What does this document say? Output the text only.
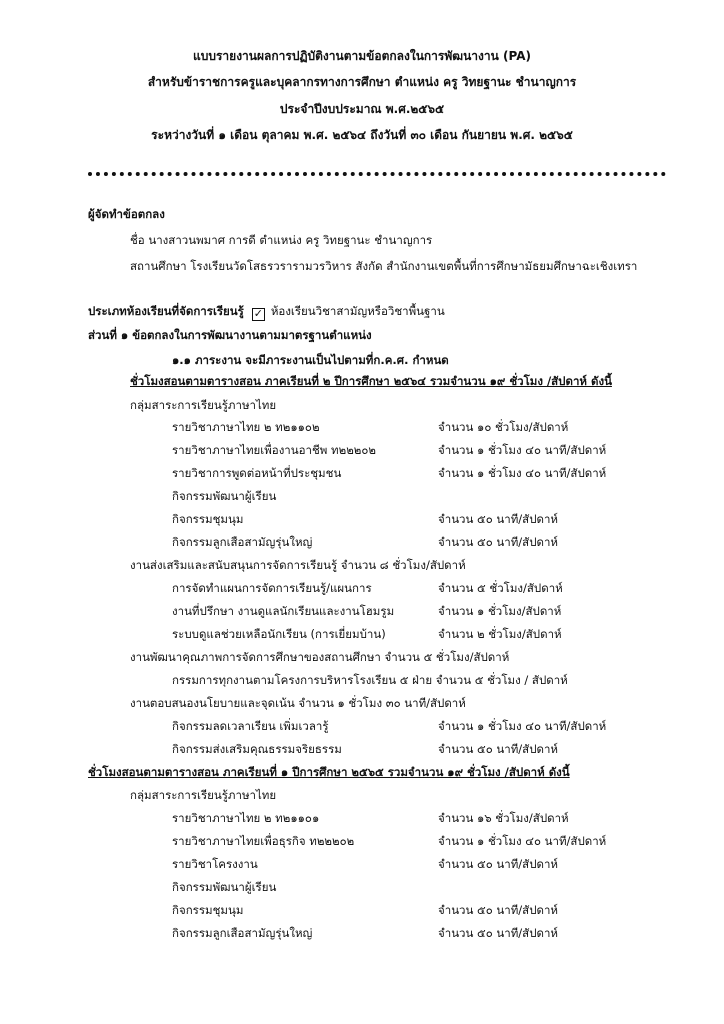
แบบรายงานผลการปฏิบัติงานตามข้อตกลงในการพัฒนางาน (PA)
สำหรับข้าราชการครูและบุคลากรทางการศึกษา ตำแหน่ง ครู วิทยฐานะ ชำนาญการ
ประจำปีงบประมาณ พ.ศ.๒๕๖๕
ระหว่างวันที่ ๑ เดือน ตุลาคม พ.ศ. ๒๕๖๔ ถึงวันที่ ๓๐ เดือน กันยายน พ.ศ. ๒๕๖๕
ผู้จัดทำข้อตกลง
ชื่อ นางสาวนพมาศ การดี ตำแหน่ง ครู วิทยฐานะ ชำนาญการ
สถานศึกษา โรงเรียนวัดโสธรวรารามวรวิหาร สังกัด สำนักงานเขตพื้นที่การศึกษามัธยมศึกษาฉะเชิงเทรา
ประเภทห้องเรียนที่จัดการเรียนรู้ ✓ ห้องเรียนวิชาสามัญหรือวิชาพื้นฐาน
ส่วนที่ ๑ ข้อตกลงในการพัฒนางานตามมาตรฐานตำแหน่ง
๑.๑ ภาระงาน จะมีภาระงานเป็นไปตามที่ก.ค.ศ. กำหนด
ชั่วโมงสอนตามตารางสอน ภาคเรียนที่ ๒ ปีการศึกษา ๒๕๖๔ รวมจำนวน ๑๙ ชั่วโมง /สัปดาห์ ดังนี้
กลุ่มสาระการเรียนรู้ภาษาไทย
รายวิชาภาษาไทย ๒ ท๒๑๑๐๒	จำนวน ๑๐ ชั่วโมง/สัปดาห์
รายวิชาภาษาไทยเพื่องานอาชีพ ท๒๒๒๐๒	จำนวน ๑ ชั่วโมง ๔๐ นาที/สัปดาห์
รายวิชาการพูดต่อหน้าที่ประชุมชน	จำนวน ๑ ชั่วโมง ๔๐ นาที/สัปดาห์
กิจกรรมพัฒนาผู้เรียน
กิจกรรมชุมนุม	จำนวน ๕๐ นาที/สัปดาห์
กิจกรรมลูกเสือสามัญรุ่นใหญ่	จำนวน ๕๐ นาที/สัปดาห์
งานส่งเสริมและสนับสนุนการจัดการเรียนรู้ จำนวน ๘ ชั่วโมง/สัปดาห์
การจัดทำแผนการจัดการเรียนรู้/แผนการ	จำนวน ๕ ชั่วโมง/สัปดาห์
งานที่ปรึกษา งานดูแลนักเรียนและงานโฮมรูม	จำนวน ๑ ชั่วโมง/สัปดาห์
ระบบดูแลช่วยเหลือนักเรียน (การเยี่ยมบ้าน)	จำนวน ๒ ชั่วโมง/สัปดาห์
งานพัฒนาคุณภาพการจัดการศึกษาของสถานศึกษา จำนวน ๕ ชั่วโมง/สัปดาห์
กรรมการทุกงานตามโครงการบริหารโรงเรียน ๕ ฝ่าย จำนวน ๕ ชั่วโมง / สัปดาห์
งานตอบสนองนโยบายและจุดเน้น จำนวน ๑ ชั่วโมง ๓๐ นาที/สัปดาห์
กิจกรรมลดเวลาเรียน เพิ่มเวลารู้	จำนวน ๑ ชั่วโมง ๔๐ นาที/สัปดาห์
กิจกรรมส่งเสริมคุณธรรมจริยธรรม	จำนวน ๕๐ นาที/สัปดาห์
ชั่วโมงสอนตามตารางสอน ภาคเรียนที่ ๑ ปีการศึกษา ๒๕๖๕ รวมจำนวน ๑๙ ชั่วโมง /สัปดาห์ ดังนี้
กลุ่มสาระการเรียนรู้ภาษาไทย
รายวิชาภาษาไทย ๒ ท๒๑๑๐๑	จำนวน ๑๖ ชั่วโมง/สัปดาห์
รายวิชาภาษาไทยเพื่อธุรกิจ ท๒๒๒๐๒	จำนวน ๑ ชั่วโมง ๔๐ นาที/สัปดาห์
รายวิชาโครงงาน	จำนวน ๕๐ นาที/สัปดาห์
กิจกรรมพัฒนาผู้เรียน
กิจกรรมชุมนุม	จำนวน ๕๐ นาที/สัปดาห์
กิจกรรมลูกเสือสามัญรุ่นใหญ่	จำนวน ๕๐ นาที/สัปดาห์
